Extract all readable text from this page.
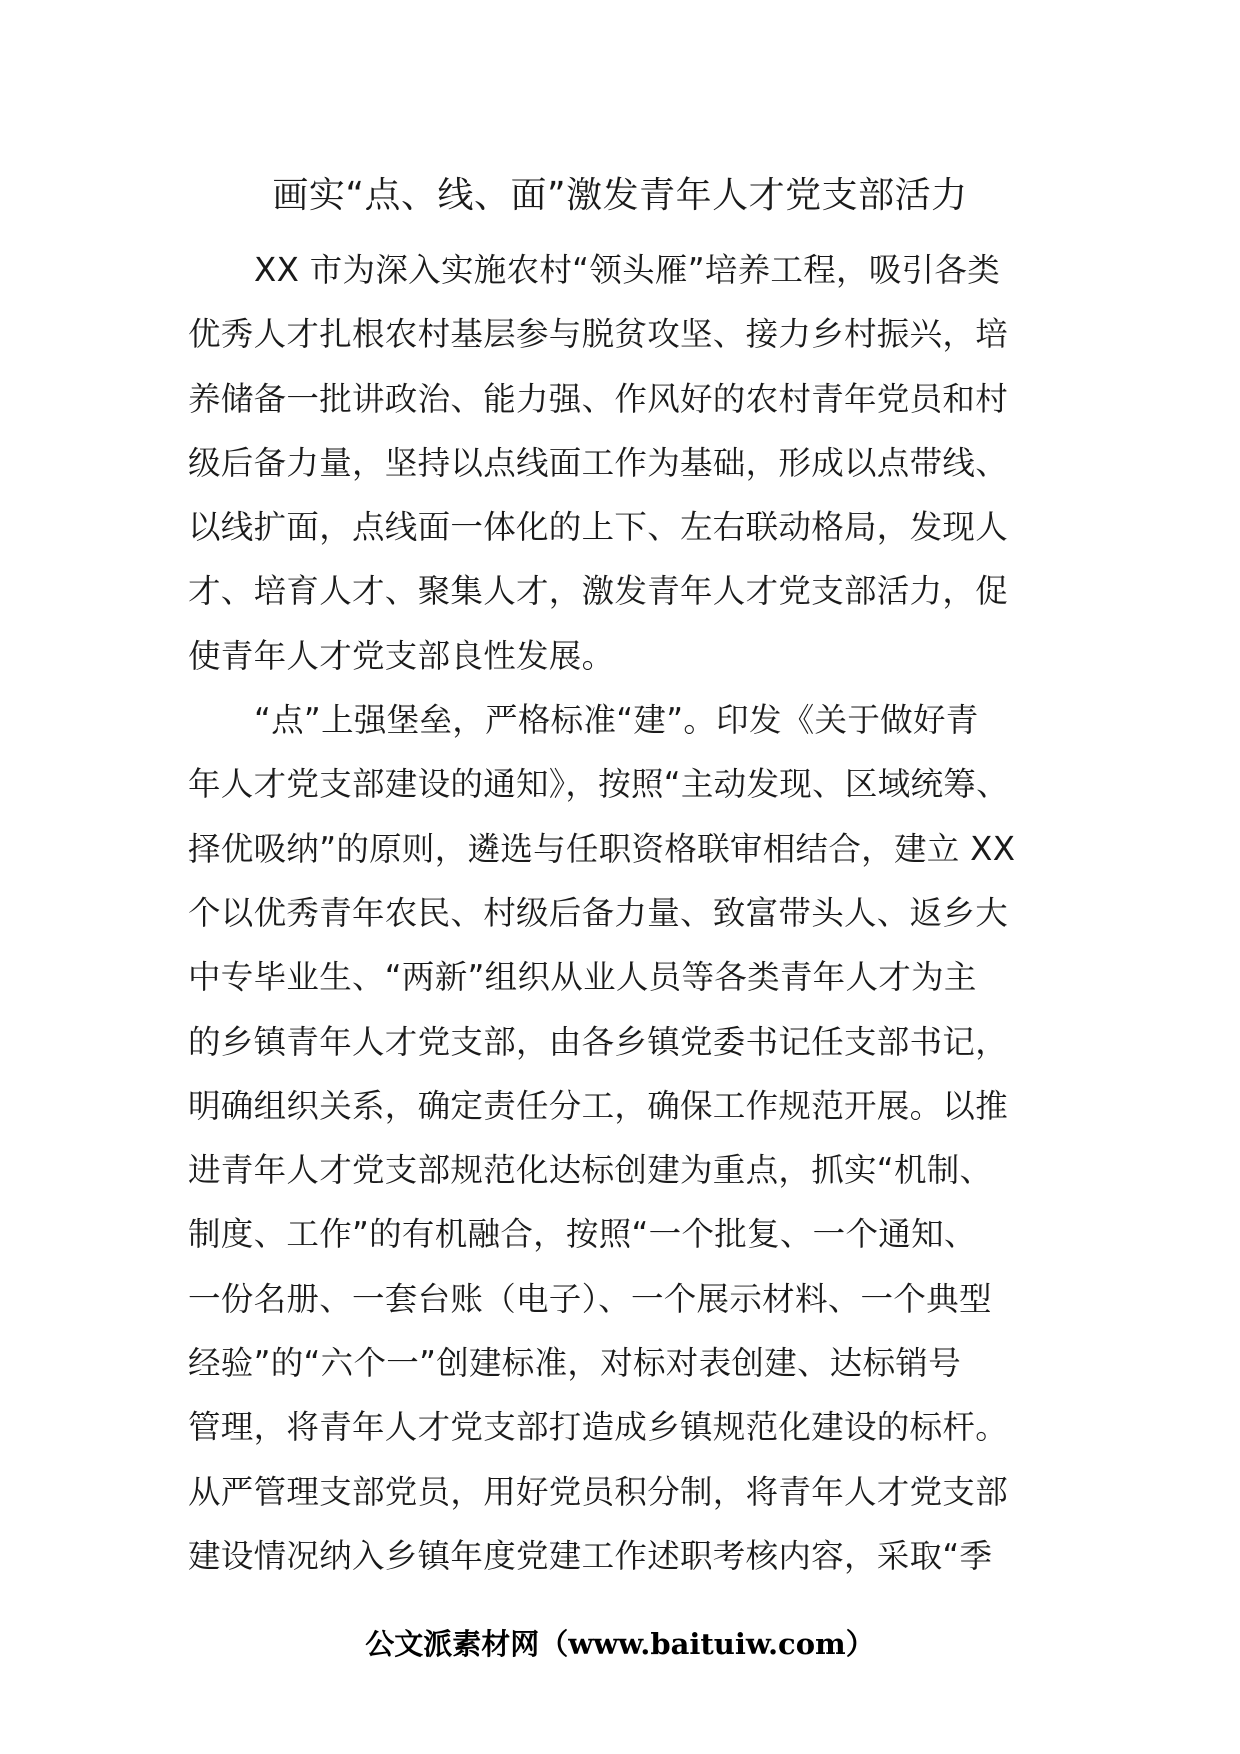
画实“点、线、面”激发青年人才党支部活力

XX 市为深入实施农村“领头雁”培养工程，吸引各类
优秀人才扎根农村基层参与脱贫攻坚、接力乡村振兴，培
养储备一批讲政治、能力强、作风好的农村青年党员和村
级后备力量，坚持以点线面工作为基础，形成以点带线、
以线扩面，点线面一体化的上下、左右联动格局，发现人
才、培育人才、聚集人才，激发青年人才党支部活力，促
使青年人才党支部良性发展。

“点”上强堡垒，严格标准“建”。印发《关于做好青
年人才党支部建设的通知》，按照“主动发现、区域统筹、
择优吸纳”的原则，遴选与任职资格联审相结合，建立 XX
个以优秀青年农民、村级后备力量、致富带头人、返乡大
中专毕业生、“两新”组织从业人员等各类青年人才为主
的乡镇青年人才党支部，由各乡镇党委书记任支部书记，
明确组织关系，确定责任分工，确保工作规范开展。以推
进青年人才党支部规范化达标创建为重点，抓实“机制、
制度、工作”的有机融合，按照“一个批复、一个通知、
一份名册、一套台账（电子）、一个展示材料、一个典型
经验”的“六个一”创建标准，对标对表创建、达标销号
管理，将青年人才党支部打造成乡镇规范化建设的标杆。
从严管理支部党员，用好党员积分制，将青年人才党支部
建设情况纳入乡镇年度党建工作述职考核内容，采取“季

公文派素材网（www.baituiw.com）
